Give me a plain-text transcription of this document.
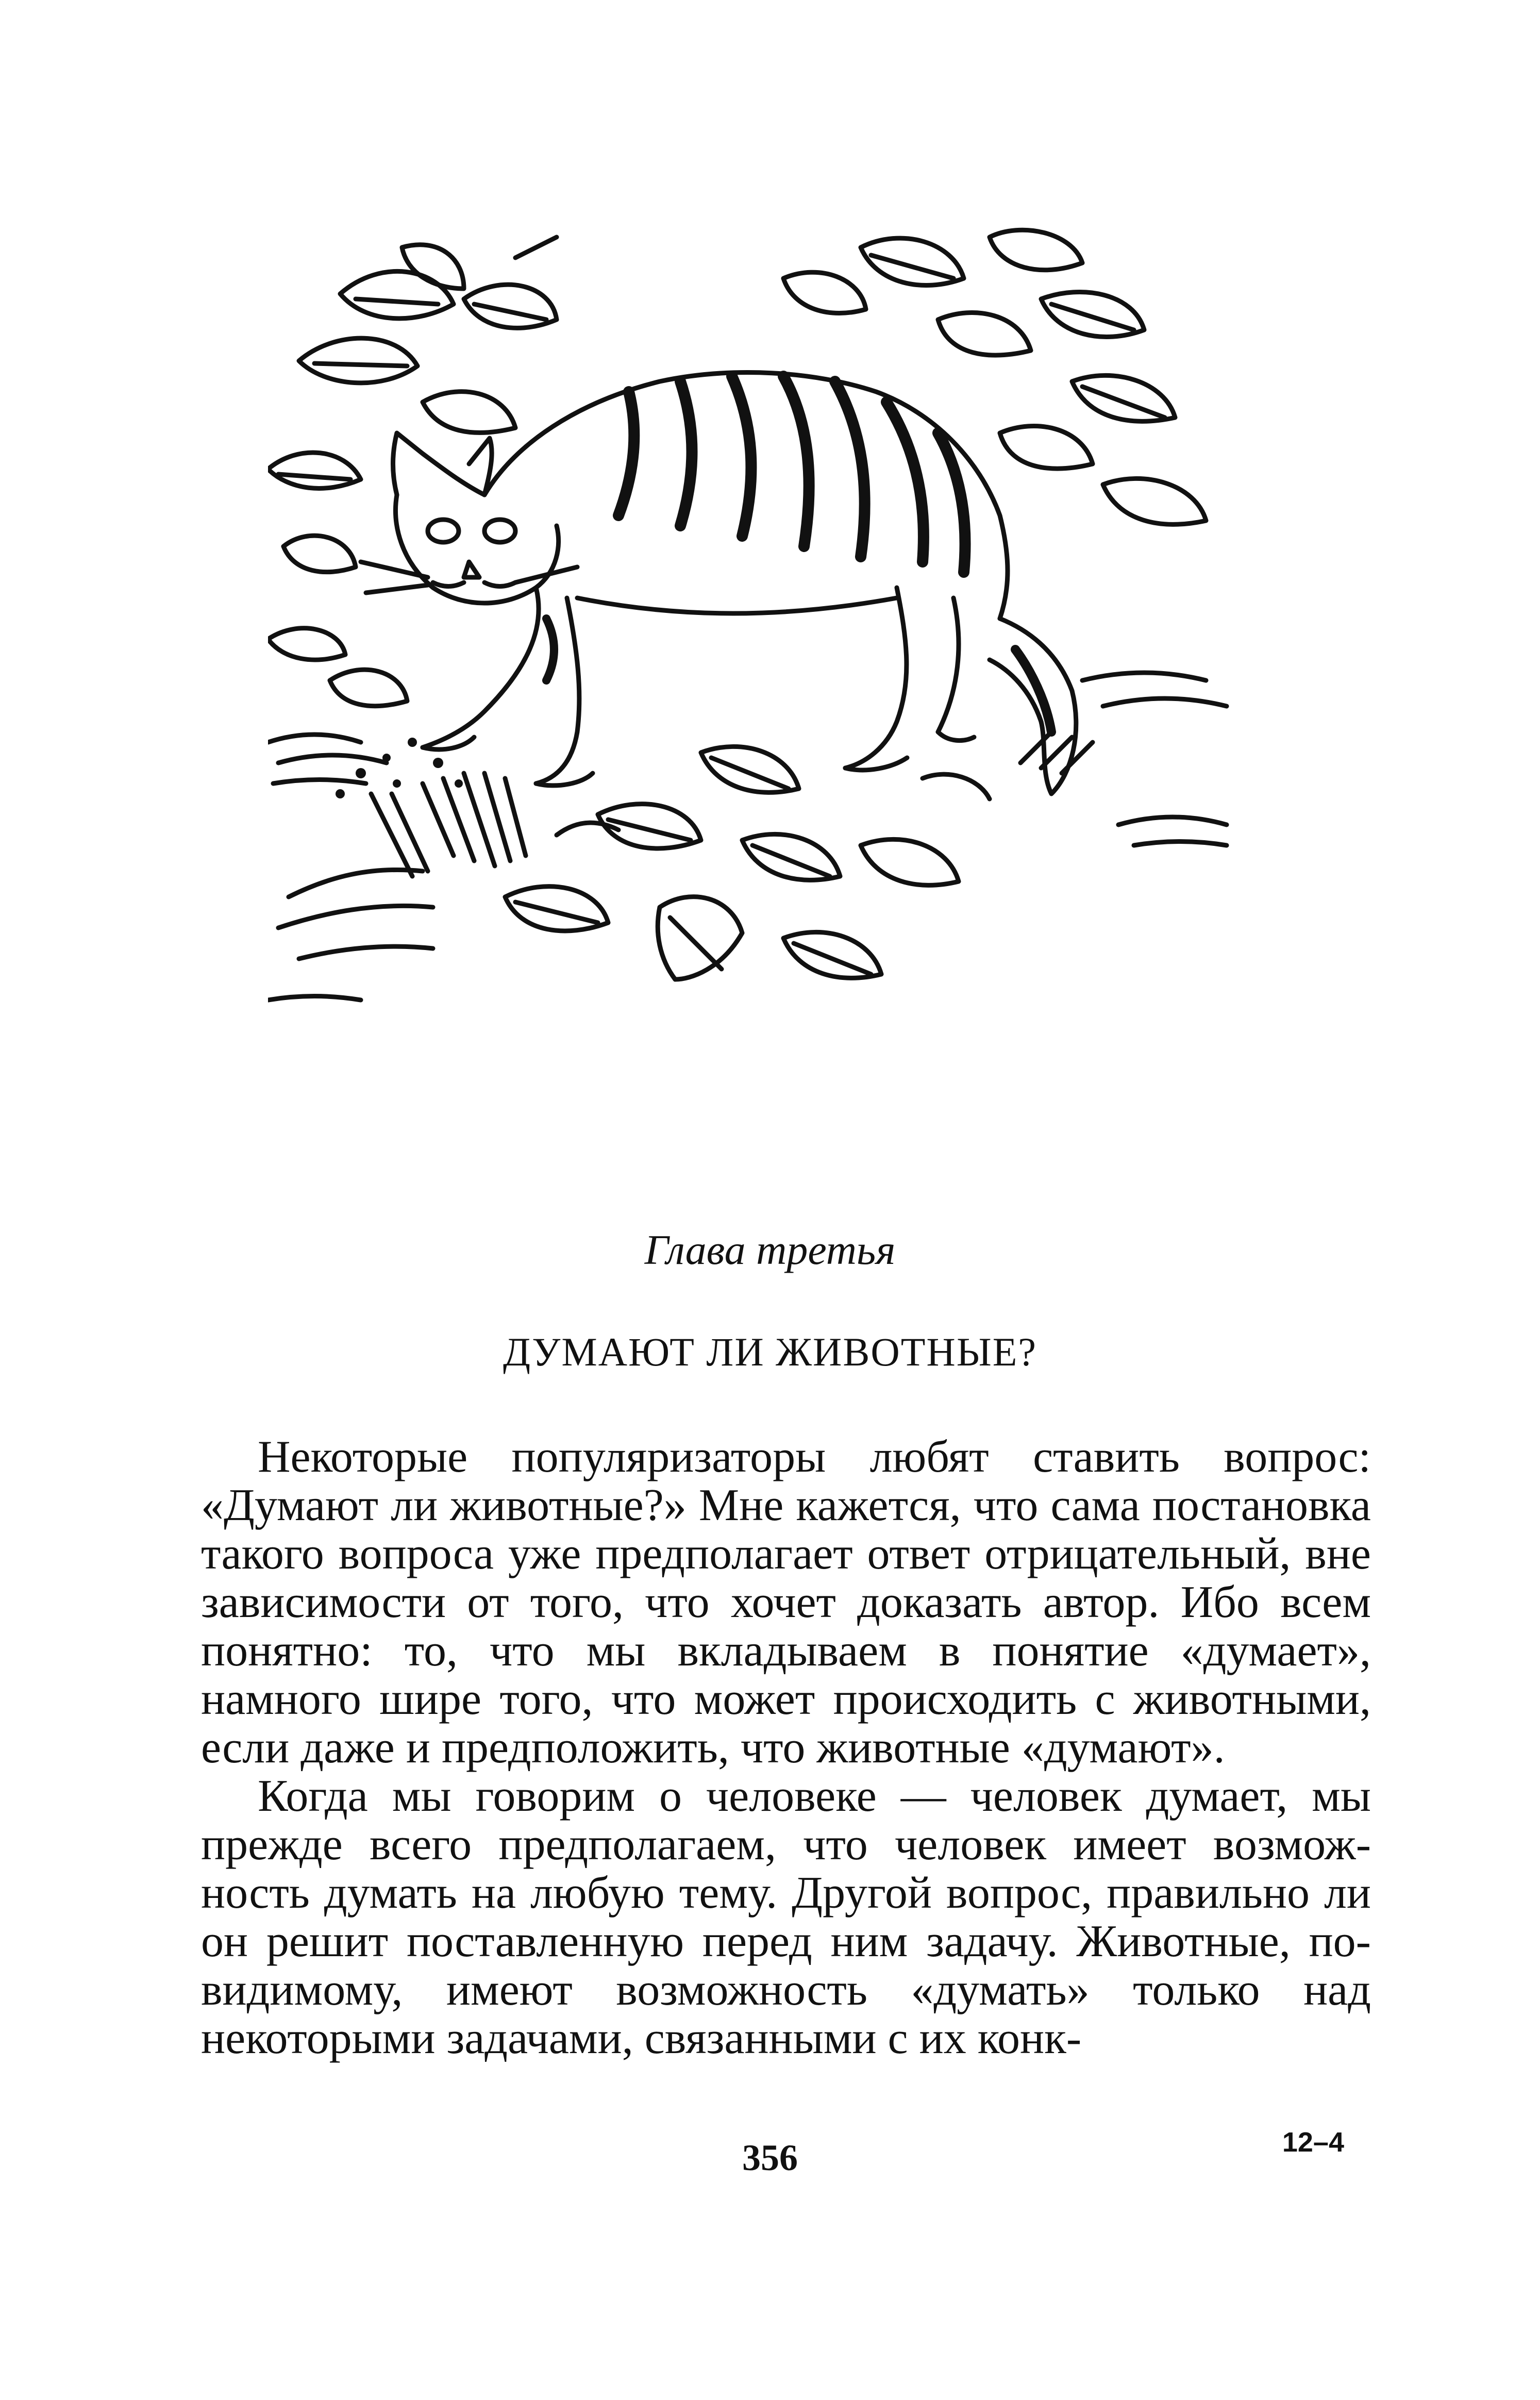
Глава третья
ДУМАЮТ ЛИ ЖИВОТНЫЕ?

Некоторые популяризаторы любят ставить вопрос: «Думают ли животные?» Мне кажется, что сама постановка такого вопроса уже предполагает ответ отрицательный, вне зависимости от того, что хочет доказать автор. Ибо всем понятно: то, что мы вкладываем в понятие «думает», намного шире того, что может происходить с животными, если даже и предположить, что животные «думают».

Когда мы говорим о человеке — человек думает, мы прежде всего предполагаем, что человек имеет возможность думать на любую тему. Другой вопрос, правильно ли он решит поставленную перед ним задачу. Животные, по-видимому, имеют возможность «думать» только над некоторыми задачами, связанными с их конк-

356	12–4
